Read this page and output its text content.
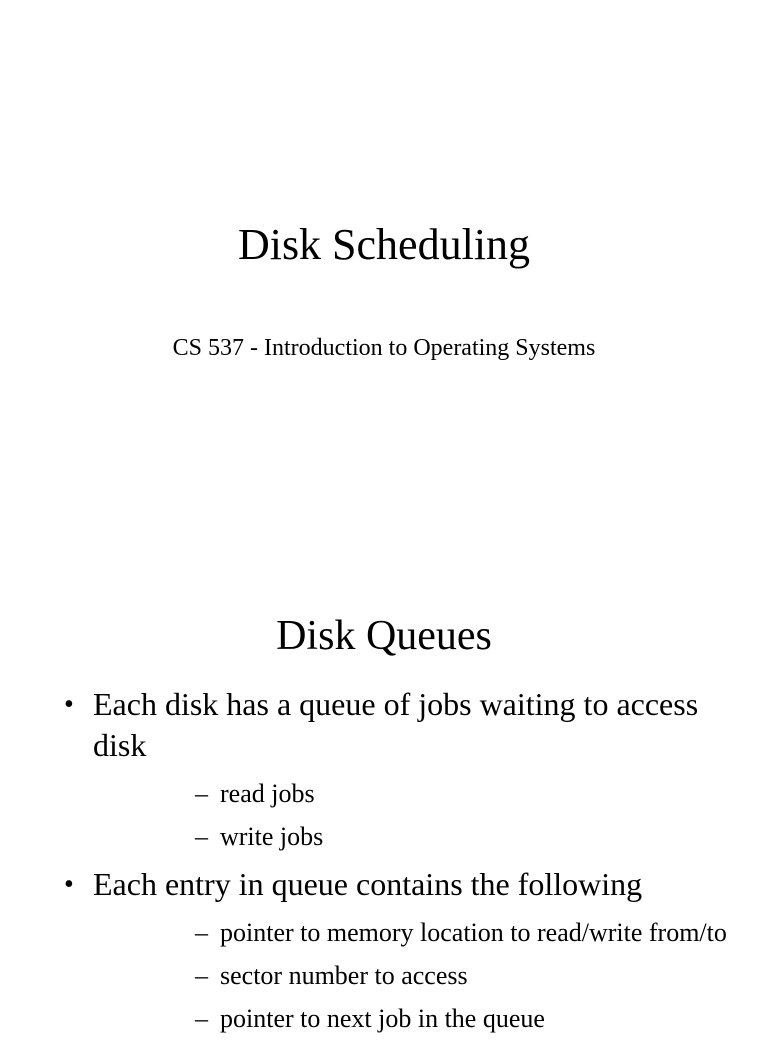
Disk Scheduling
CS 537 - Introduction to Operating Systems
Disk Queues
• Each disk has a queue of jobs waiting to access disk
– read jobs
– write jobs
• Each entry in queue contains the following
– pointer to memory location to read/write from/to
– sector number to access
– pointer to next job in the queue
